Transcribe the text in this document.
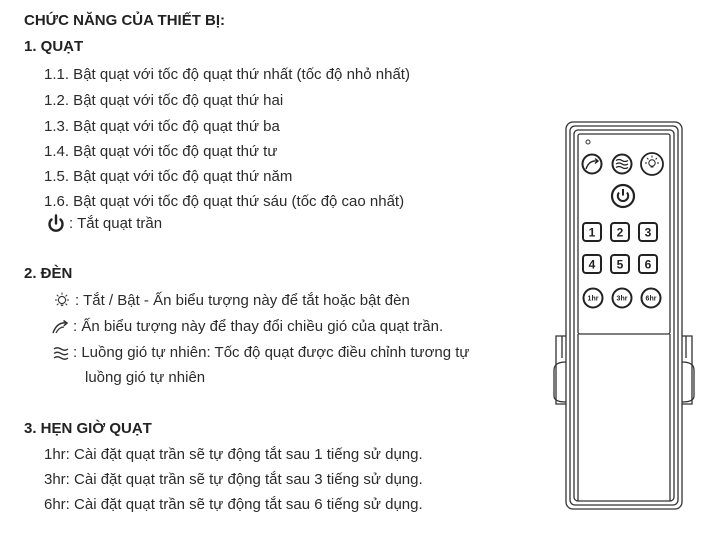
CHỨC NĂNG CỦA THIẾT BỊ:
1. QUẠT
1.1. Bật quạt với tốc độ quạt thứ nhất (tốc độ nhỏ nhất)
1.2. Bật quạt với tốc độ quạt thứ hai
1.3. Bật quạt với tốc độ quạt thứ ba
1.4. Bật quạt với tốc độ quạt thứ tư
1.5. Bật quạt với tốc độ quạt thứ năm
1.6. Bật quạt với tốc độ quạt thứ sáu (tốc độ cao nhất)
: Tắt quạt trần
2. ĐÈN
: Tắt / Bật - Ấn biểu tượng này để tắt hoặc bật đèn
: Ấn biểu tượng này để thay đổi chiều gió của quạt trần.
: Luồng gió tự nhiên: Tốc độ quạt được điều chỉnh tương tự
luồng gió tự nhiên
3. HẸN GIỜ QUẠT
1hr: Cài đặt quạt trần sẽ tự động tắt sau 1 tiếng sử dụng.
3hr: Cài đặt quạt trần sẽ tự động tắt sau 3 tiếng sử dụng.
6hr: Cài đặt quạt trần sẽ tự động tắt sau 6 tiếng sử dụng.
1 2 3
4 5 6
1hr	3hr	6hr
